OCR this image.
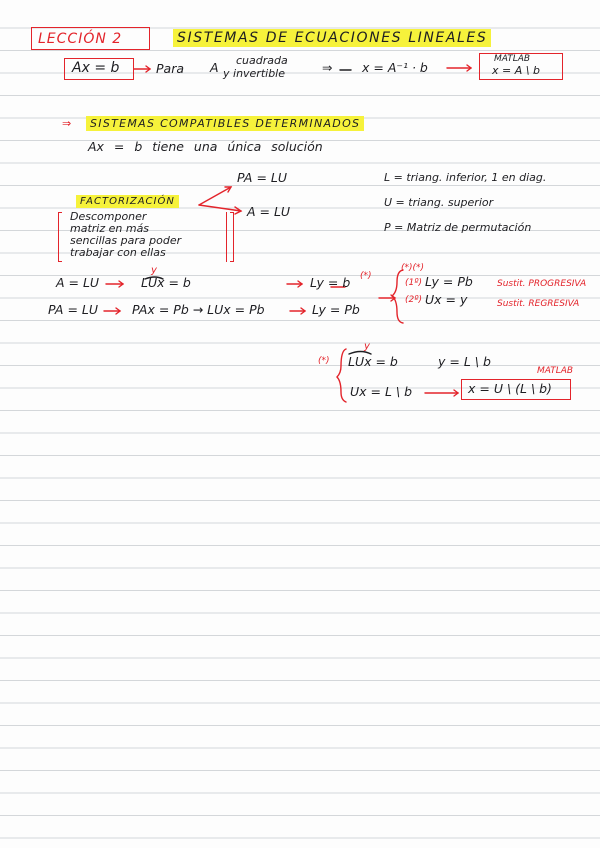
LECCIÓN 2	SISTEMAS DE ECUACIONES LINEALES
Ax = b	Para A cuadrada
y invertible	⇒ x = A⁻¹ · b
MATLAB
x = A \ b
⇒	SISTEMAS COMPATIBLES DETERMINADOS
Ax = b tiene una única solución
FACTORIZACIÓN
Descomponer
matriz en más
sencillas para poder
trabajar con ellas
PA = LU
A = LU
L = triang. inferior, 1 en diag.
U = triang. superior
P = Matriz de permutación
A = LU
y
LUx = b	Ly = b (*)
PA = LU	PAx = Pb → LUx = Pb	Ly = Pb
(*)(*)
(1º) Ly = Pb	Sustit. PROGRESIVA
(2º) Ux = y	Sustit. REGRESIVA
(*)
y
LUx = b	y = L \ b
Ux = L \ b
MATLAB
x = U \ (L \ b)
